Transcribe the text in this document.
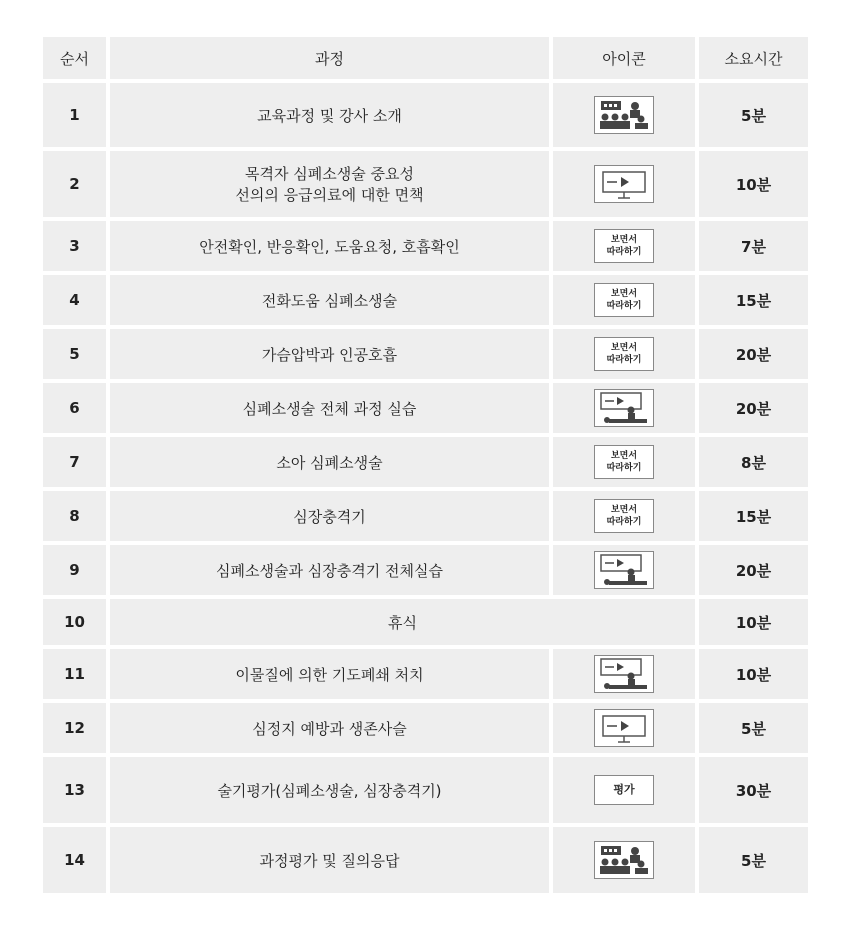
순서	과정	아이콘	소요시간
1	교육과정 및 강사 소개		5분
2	목격자 심폐소생술 중요성
선의의 응급의료에 대한 면책		10분
3	안전확인, 반응확인, 도움요청, 호흡확인	보면서
따라하기	7분
4	전화도움 심폐소생술	보면서
따라하기	15분
5	가슴압박과 인공호흡	보면서
따라하기	20분
6	심폐소생술 전체 과정 실습		20분
7	소아 심폐소생술	보면서
따라하기	8분
8	심장충격기	보면서
따라하기	15분
9	심폐소생술과 심장충격기 전체실습		20분
10	휴식		10분
11	이물질에 의한 기도폐쇄 처치		10분
12	심정지 예방과 생존사슬		5분
13	술기평가(심폐소생술, 심장충격기)	평가	30분
14	과정평가 및 질의응답		5분
